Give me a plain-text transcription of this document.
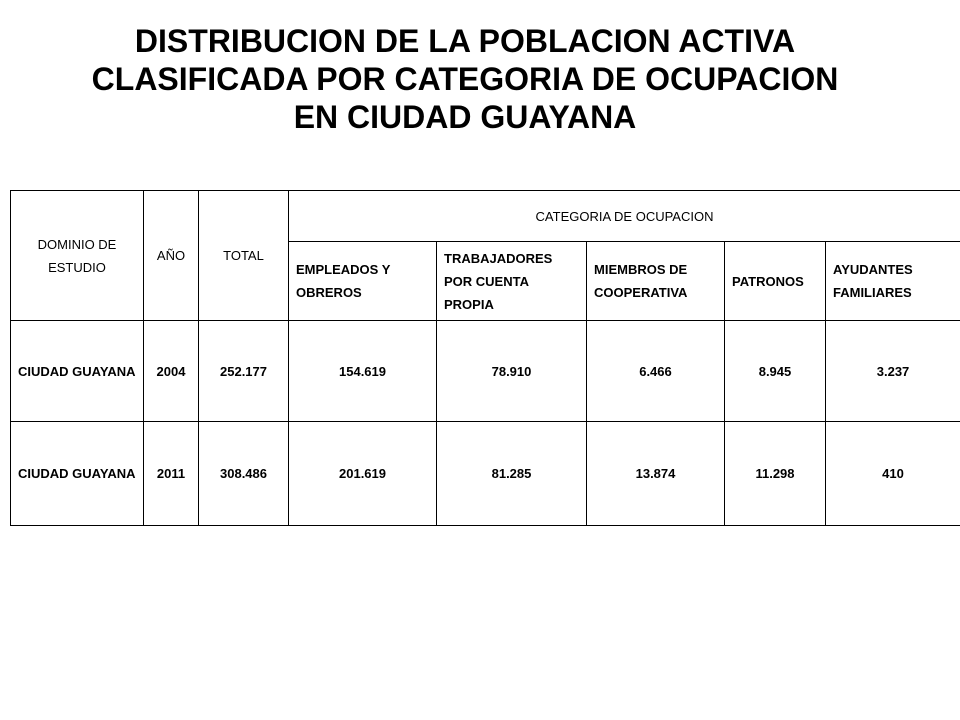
DISTRIBUCION DE LA POBLACION ACTIVA
CLASIFICADA POR CATEGORIA DE OCUPACION
EN CIUDAD GUAYANA
DOMINIO DE ESTUDIO	AÑO	TOTAL	CATEGORIA DE OCUPACION				
			EMPLEADOS Y OBREROS	TRABAJADORES POR CUENTA PROPIA	MIEMBROS DE COOPERATIVA	PATRONOS	AYUDANTES FAMILIARES
CIUDAD GUAYANA	2004	252.177	154.619	78.910	6.466	8.945	3.237
CIUDAD GUAYANA	2011	308.486	201.619	81.285	13.874	11.298	410
